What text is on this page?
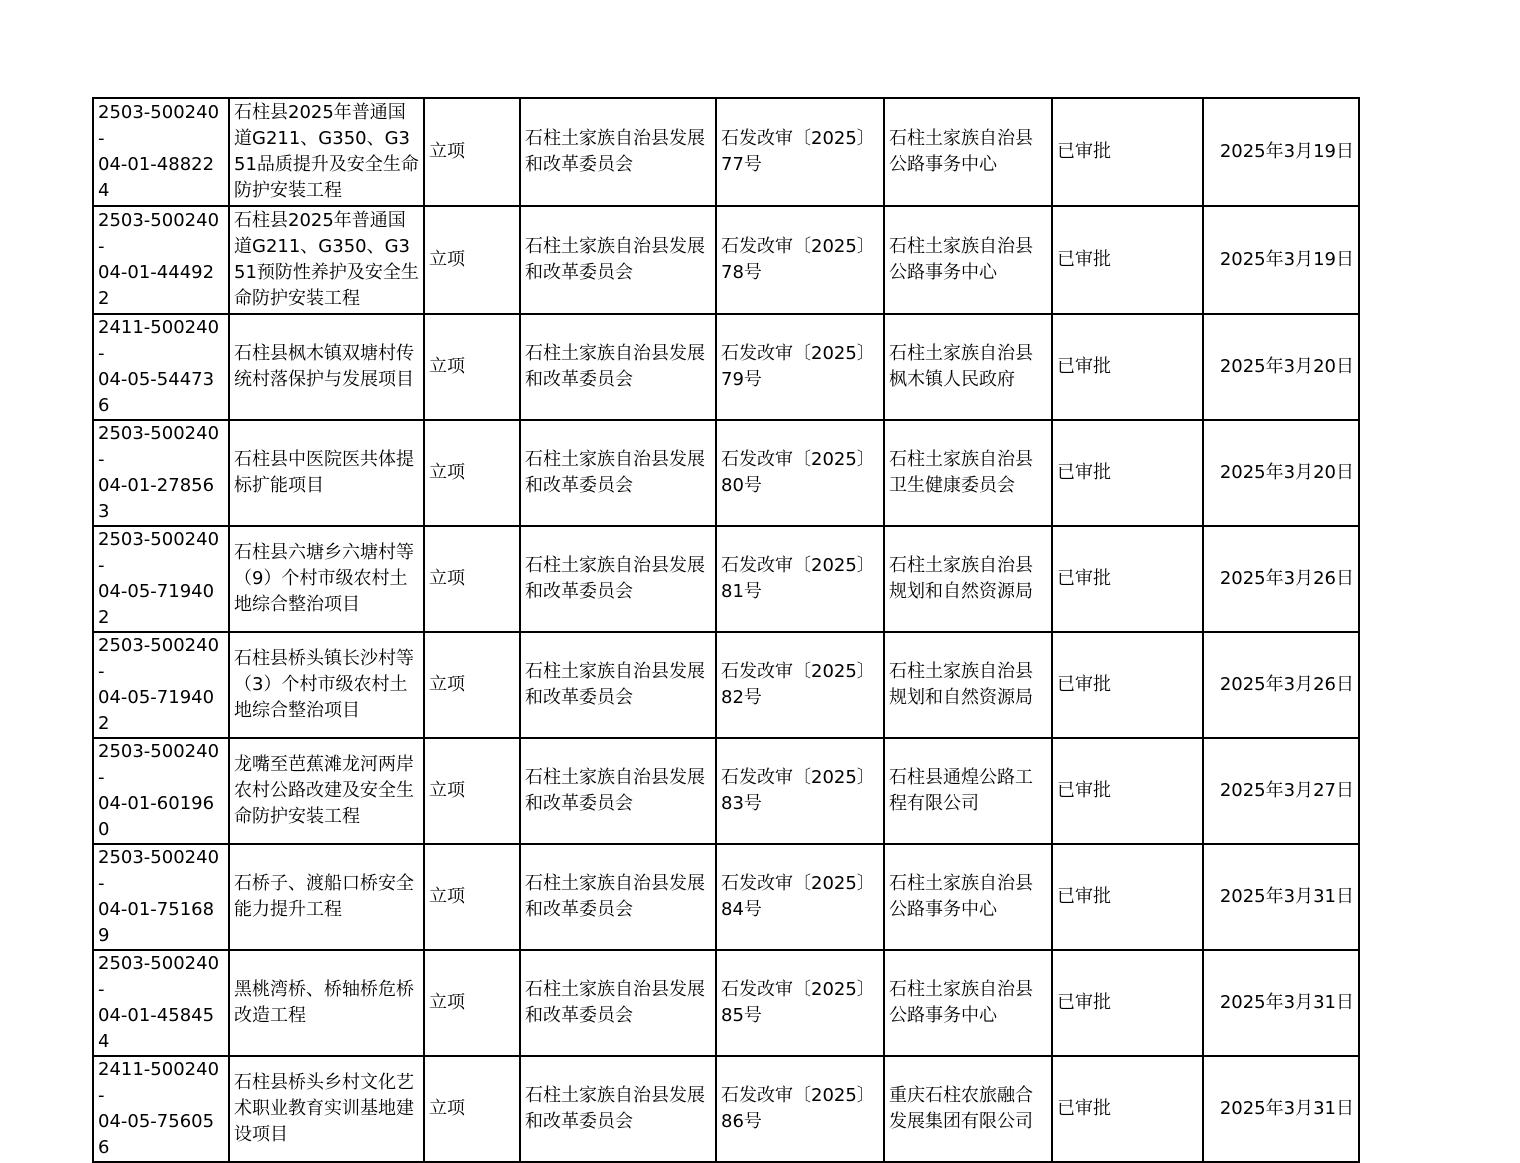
2503-500240-
04-01-488224	石柱县2025年普通国道G211、G350、G351品质提升及安全生命防护安装工程	立项	石柱土家族自治县发展和改革委员会	石发改审〔2025〕77号	石柱土家族自治县公路事务中心	已审批	2025年3月19日
2503-500240-
04-01-444922	石柱县2025年普通国道G211、G350、G351预防性养护及安全生命防护安装工程	立项	石柱土家族自治县发展和改革委员会	石发改审〔2025〕78号	石柱土家族自治县公路事务中心	已审批	2025年3月19日
2411-500240-
04-05-544736	石柱县枫木镇双塘村传统村落保护与发展项目	立项	石柱土家族自治县发展和改革委员会	石发改审〔2025〕79号	石柱土家族自治县枫木镇人民政府	已审批	2025年3月20日
2503-500240-
04-01-278563	石柱县中医院医共体提标扩能项目	立项	石柱土家族自治县发展和改革委员会	石发改审〔2025〕80号	石柱土家族自治县卫生健康委员会	已审批	2025年3月20日
2503-500240-
04-05-719402	石柱县六塘乡六塘村等（9）个村市级农村土地综合整治项目	立项	石柱土家族自治县发展和改革委员会	石发改审〔2025〕81号	石柱土家族自治县规划和自然资源局	已审批	2025年3月26日
2503-500240-
04-05-719402	石柱县桥头镇长沙村等（3）个村市级农村土地综合整治项目	立项	石柱土家族自治县发展和改革委员会	石发改审〔2025〕82号	石柱土家族自治县规划和自然资源局	已审批	2025年3月26日
2503-500240-
04-01-601960	龙嘴至芭蕉滩龙河两岸农村公路改建及安全生命防护安装工程	立项	石柱土家族自治县发展和改革委员会	石发改审〔2025〕83号	石柱县通煌公路工程有限公司	已审批	2025年3月27日
2503-500240-
04-01-751689	石桥子、渡船口桥安全能力提升工程	立项	石柱土家族自治县发展和改革委员会	石发改审〔2025〕84号	石柱土家族自治县公路事务中心	已审批	2025年3月31日
2503-500240-
04-01-458454	黑桃湾桥、桥轴桥危桥改造工程	立项	石柱土家族自治县发展和改革委员会	石发改审〔2025〕85号	石柱土家族自治县公路事务中心	已审批	2025年3月31日
2411-500240-
04-05-756056	石柱县桥头乡村文化艺术职业教育实训基地建设项目	立项	石柱土家族自治县发展和改革委员会	石发改审〔2025〕86号	重庆石柱农旅融合发展集团有限公司	已审批	2025年3月31日
